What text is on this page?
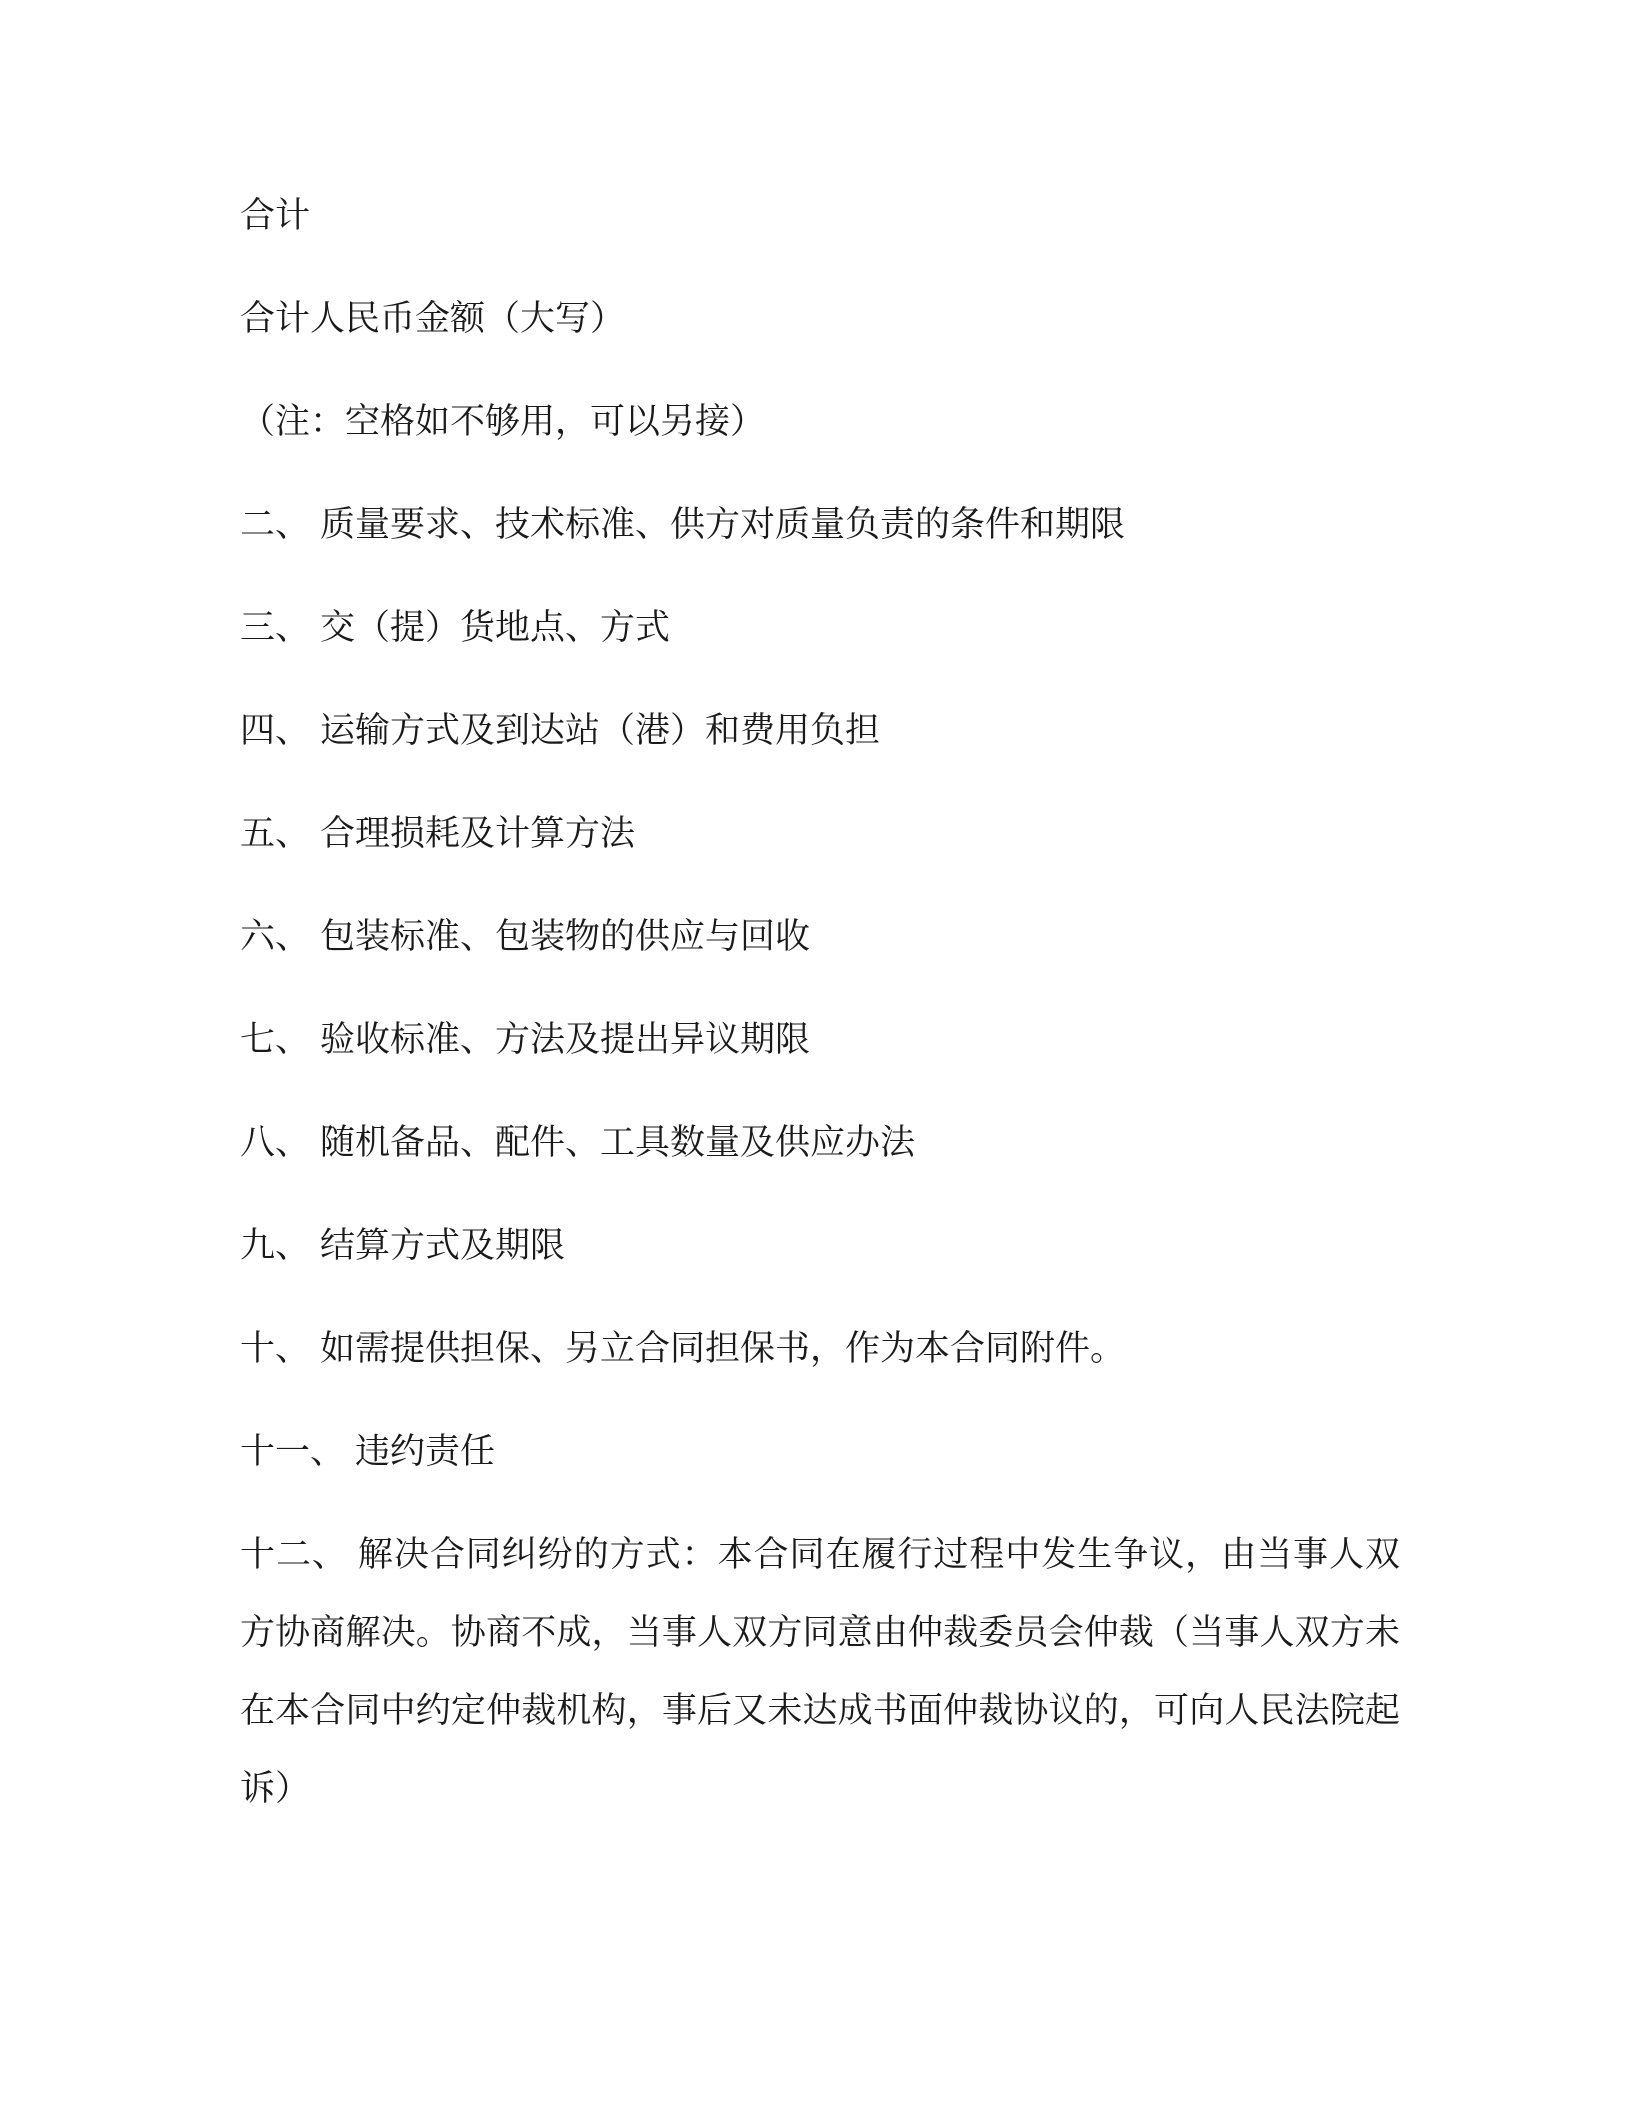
合计
合计人民币金额（大写）
（注：空格如不够用，可以另接）
二、 质量要求、技术标准、供方对质量负责的条件和期限
三、 交（提）货地点、方式
四、 运输方式及到达站（港）和费用负担
五、 合理损耗及计算方法
六、 包装标准、包装物的供应与回收
七、 验收标准、方法及提出异议期限
八、 随机备品、配件、工具数量及供应办法
九、 结算方式及期限
十、 如需提供担保、另立合同担保书，作为本合同附件。
十一、 违约责任
十二、 解决合同纠纷的方式：本合同在履行过程中发生争议，由当事人双方协商解决。协商不成，当事人双方同意由仲裁委员会仲裁（当事人双方未在本合同中约定仲裁机构，事后又未达成书面仲裁协议的，可向人民法院起诉）
